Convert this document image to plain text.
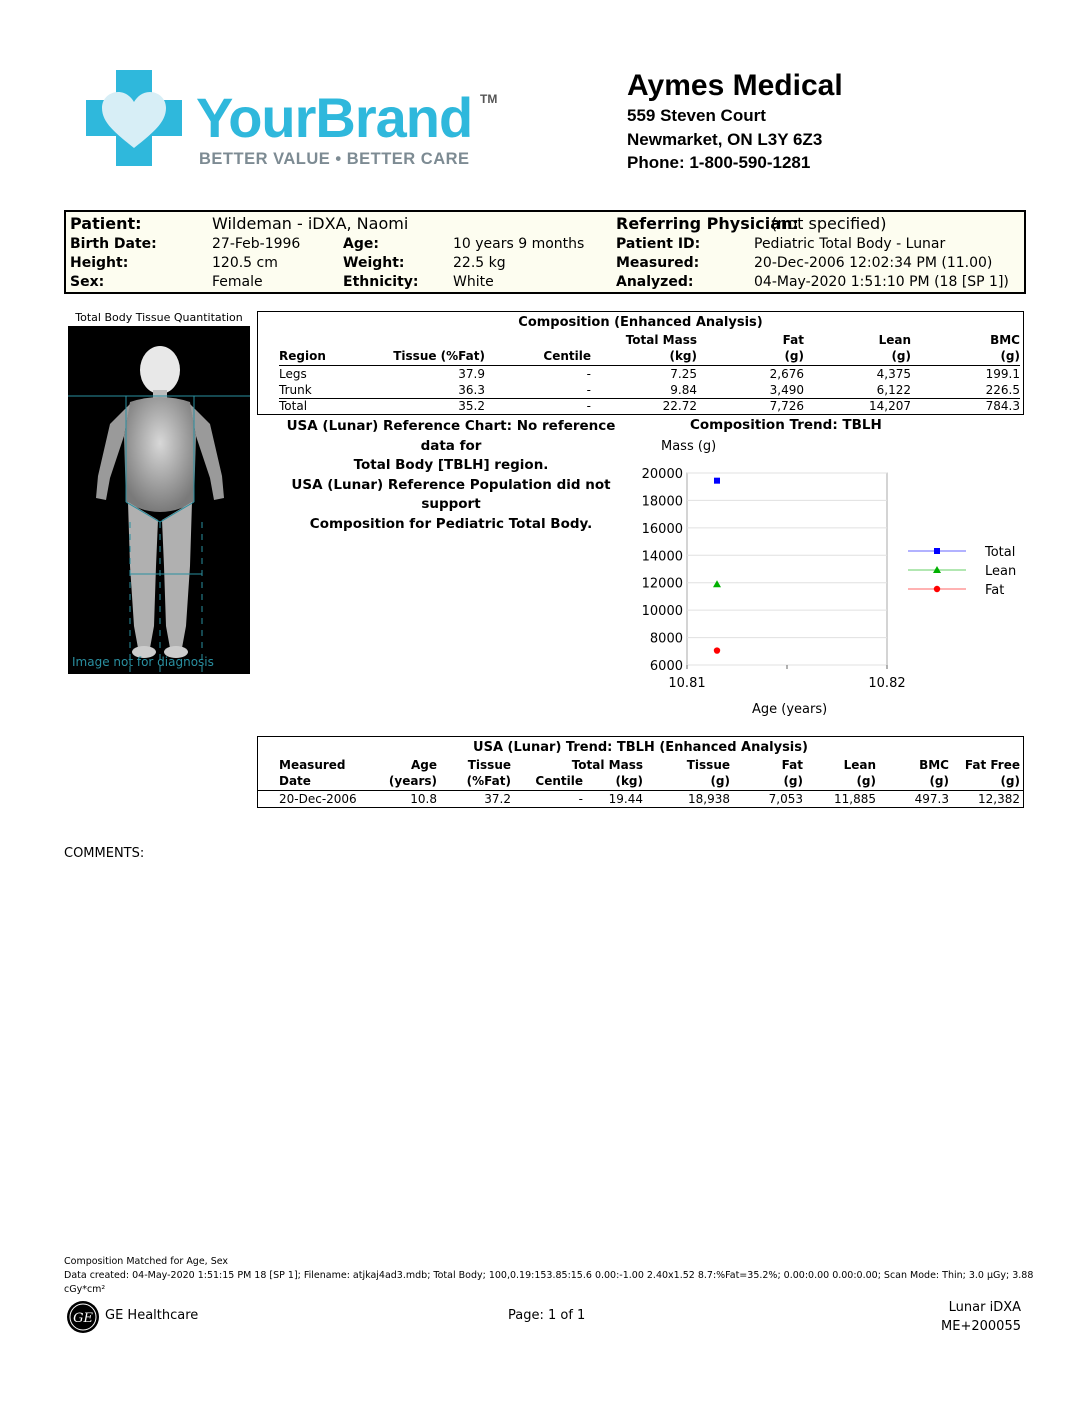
YourBrand TM
BETTER VALUE • BETTER CARE
Aymes Medical
559 Steven Court
Newmarket, ON L3Y 6Z3
Phone: 1-800-590-1281
Patient:	Wildeman - iDXA, Naomi	Referring Physician:
(not specified)
Birth Date:	27-Feb-1996	Age:	10 years 9 months Patient ID:	Pediatric Total Body - Lunar
Height:	120.5 cm	Weight:	22.5 kg	Measured:	20-Dec-2006 12:02:34 PM (11.00)
Sex:	Female	Ethnicity: White	Analyzed:	04-May-2020 1:51:10 PM (18 [SP 1])
Total Body Tissue Quantitation
Image not for diagnosis
Composition (Enhanced Analysis)
Total Mass	Fat	Lean	BMC
Region	Tissue (%Fat)	Centile	(kg)	(g)	(g)	(g)
Legs	37.9	-	7.25	2,676	4,375	199.1
Trunk	36.3	-	9.84	3,490	6,122	226.5
Total	35.2	-	22.72	7,726	14,207	784.3
USA (Lunar) Reference Chart: No reference data for
Total Body [TBLH] region.
USA (Lunar) Reference Population did not support
Composition for Pediatric Total Body.
Composition Trend: TBLH
Mass (g)
Age (years)
20000
18000
16000
14000
12000
10000
8000
6000
10.81	10.82
Total
Lean
Fat
USA (Lunar) Trend: TBLH (Enhanced Analysis)
Measured	Age	Tissue	Total Mass	Tissue	Fat	Lean	BMC Fat Free
Date	(years) (%Fat) Centile	(kg)	(g)	(g)	(g)	(g)	(g)
20-Dec-2006	10.8	37.2	- 19.44	18,938	7,053	11,885	497.3 12,382
COMMENTS:
Composition Matched for Age, Sex
Data created: 04-May-2020 1:51:15 PM 18 [SP 1]; Filename: atjkaj4ad3.mdb; Total Body; 100,0.19:153.85:15.6 0.00:-1.00 2.40x1.52 8.7:%Fat=35.2%; 0.00:0.00 0.00:0.00; Scan Mode: Thin; 3.0 μGy; 3.88
cGy*cm²
GE GE Healthcare	Page: 1 of 1
Lunar iDXA
ME+200055
